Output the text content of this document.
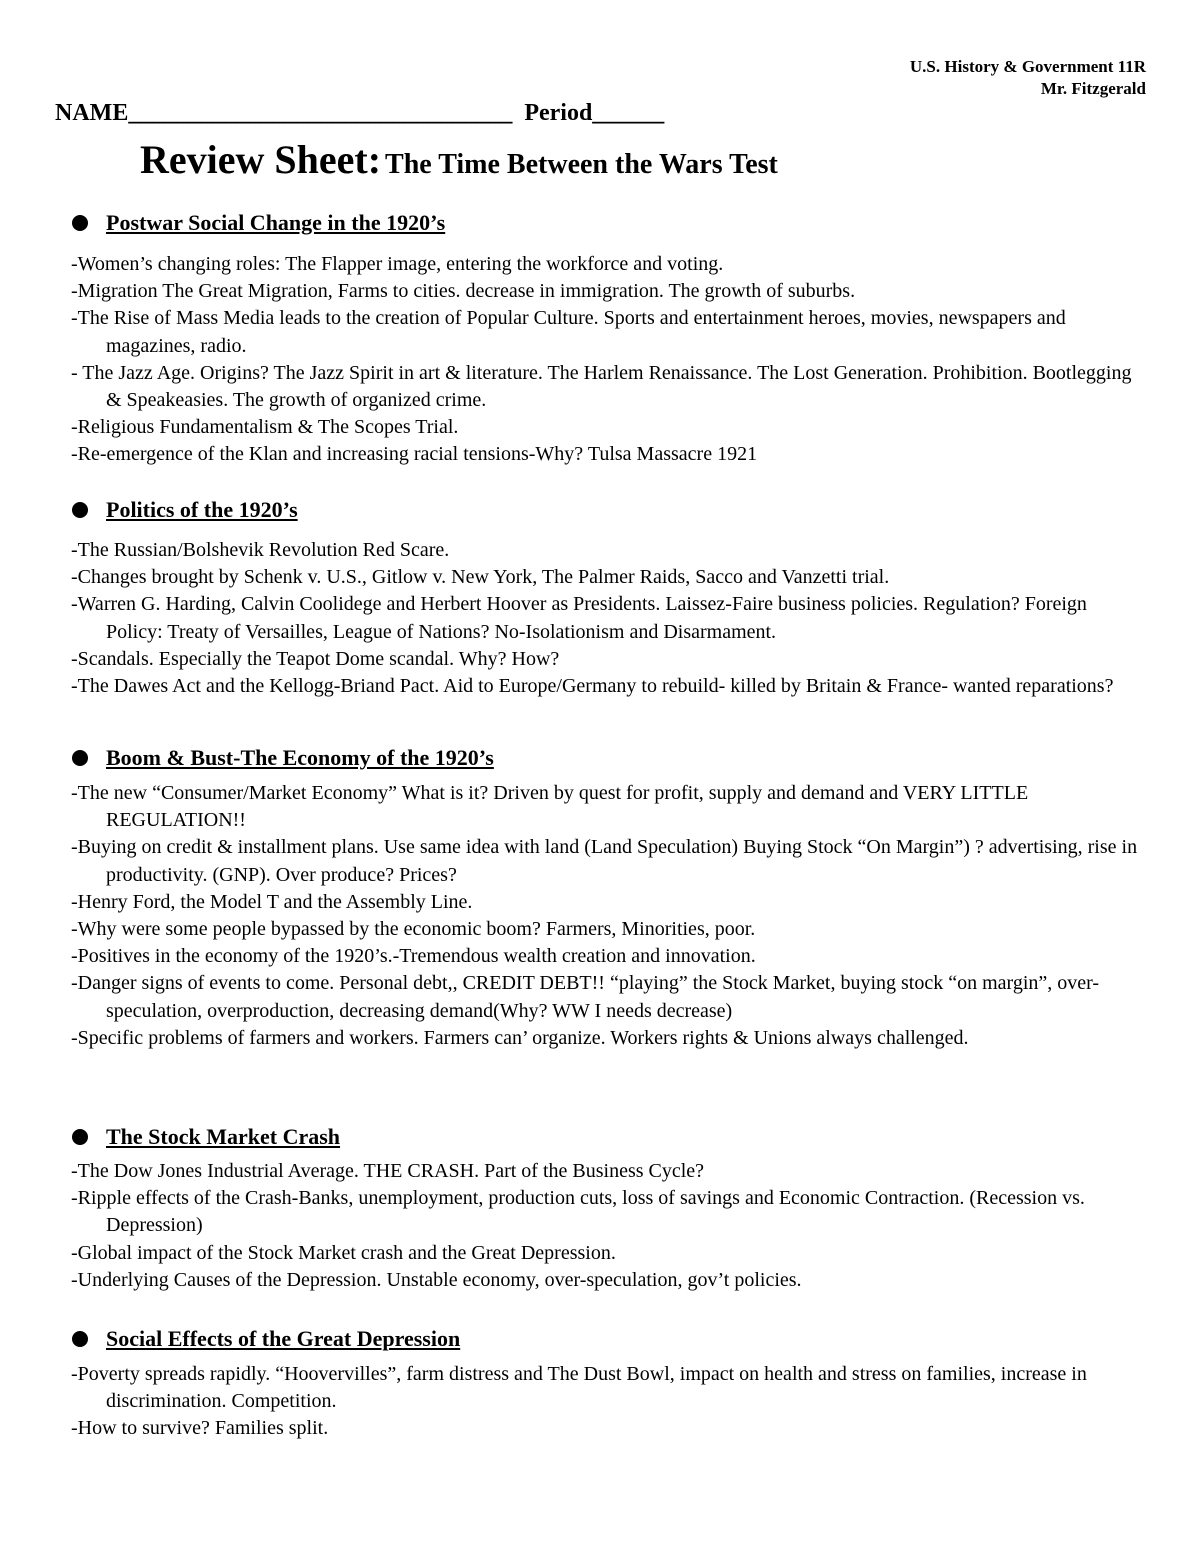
U.S. History & Government 11R
Mr. Fitzgerald
NAME________________________________  Period______
Review Sheet: The Time Between the Wars Test
Postwar Social Change in the 1920’s
-Women’s changing roles: The Flapper image, entering the workforce and voting.
-Migration The Great Migration, Farms to cities. decrease in immigration. The growth of suburbs.
-The Rise of Mass Media leads to the creation of Popular Culture. Sports and entertainment heroes, movies, newspapers and magazines, radio.
- The Jazz Age. Origins? The Jazz Spirit in art & literature. The Harlem Renaissance. The Lost Generation. Prohibition. Bootlegging & Speakeasies. The growth of organized crime.
-Religious Fundamentalism & The Scopes Trial.
-Re-emergence of the Klan and increasing racial tensions-Why? Tulsa Massacre 1921
Politics of the 1920’s
-The Russian/Bolshevik Revolution Red Scare.
-Changes brought by Schenk v. U.S., Gitlow v. New York, The Palmer Raids, Sacco and Vanzetti trial.
-Warren G. Harding, Calvin Coolidege and Herbert Hoover as Presidents. Laissez-Faire business policies. Regulation? Foreign Policy: Treaty of Versailles, League of Nations? No-Isolationism and Disarmament.
-Scandals. Especially the Teapot Dome scandal. Why? How?
-The Dawes Act and the Kellogg-Briand Pact. Aid to Europe/Germany to rebuild- killed by Britain & France- wanted reparations?
Boom & Bust-The Economy of the 1920’s
-The new “Consumer/Market Economy” What is it? Driven by quest for profit, supply and demand and VERY LITTLE REGULATION!!
-Buying on credit & installment plans. Use same idea with land (Land Speculation) Buying Stock “On Margin”) ? advertising, rise in productivity. (GNP). Over produce? Prices?
-Henry Ford, the Model T and the Assembly Line.
-Why were some people bypassed by the economic boom? Farmers, Minorities, poor.
-Positives in the economy of the 1920’s.-Tremendous wealth creation and innovation.
-Danger signs of events to come. Personal debt,, CREDIT DEBT!! “playing” the Stock Market, buying stock “on margin”, over-speculation, overproduction, decreasing demand(Why? WW I needs decrease)
-Specific problems of farmers and workers. Farmers can’ organize. Workers rights & Unions always challenged.
The Stock Market Crash
-The Dow Jones Industrial Average. THE CRASH. Part of the Business Cycle?
-Ripple effects of the Crash-Banks, unemployment, production cuts, loss of savings and Economic Contraction. (Recession vs. Depression)
-Global impact of the Stock Market crash and the Great Depression.
-Underlying Causes of the Depression. Unstable economy, over-speculation, gov’t policies.
Social Effects of the Great Depression
-Poverty spreads rapidly. “Hoovervilles”, farm distress and The Dust Bowl, impact on health and stress on families, increase in discrimination. Competition.
-How to survive? Families split.
